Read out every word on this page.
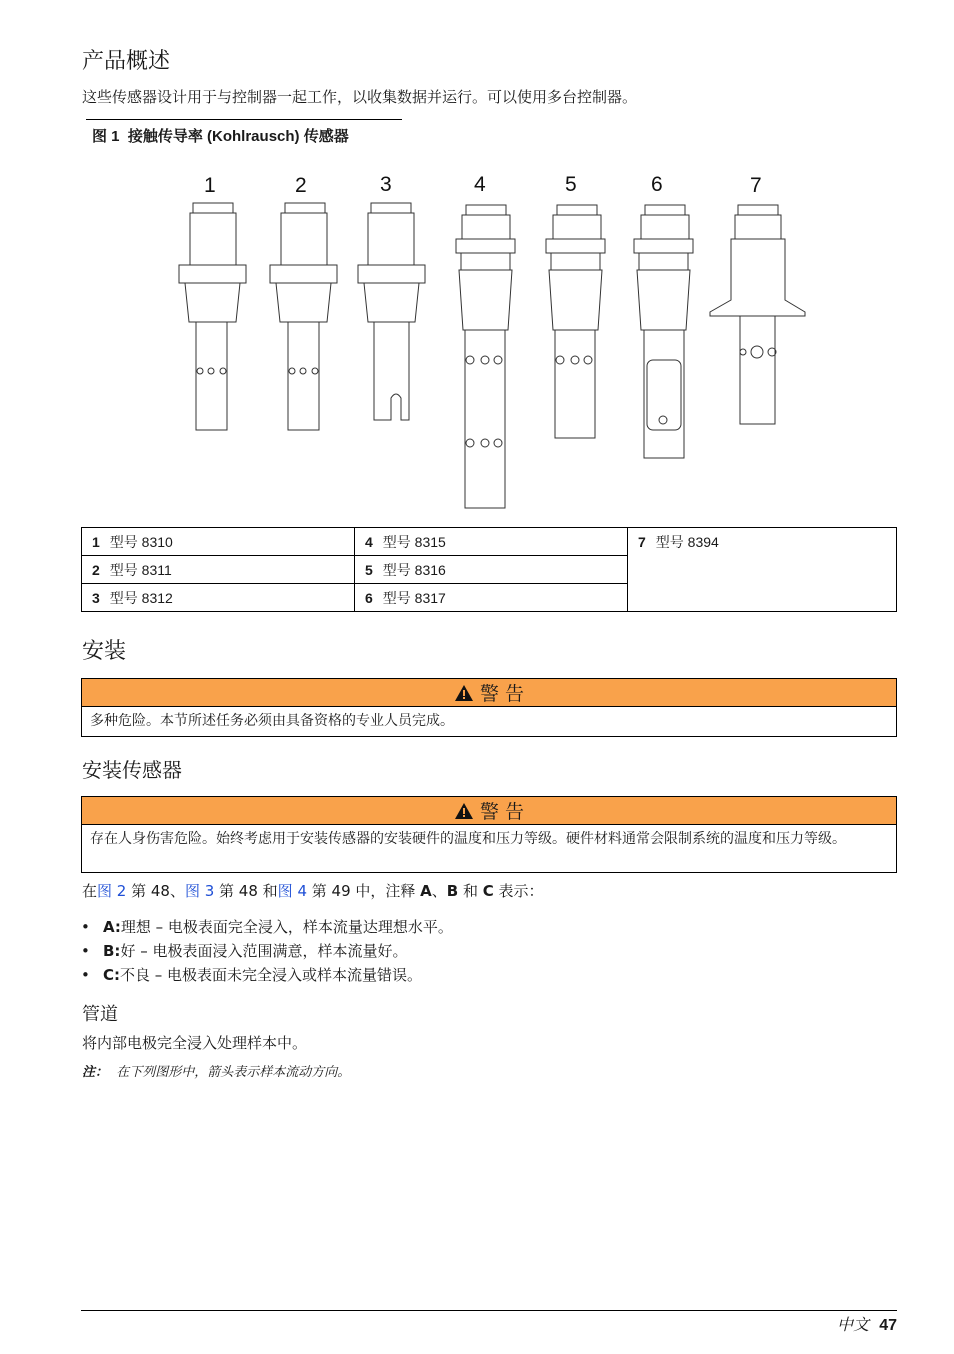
产品概述
这些传感器设计用于与控制器一起工作，以收集数据并运行。可以使用多台控制器。
图 1 接触传导率 (Kohlrausch) 传感器
1	2	3	4	5	6	7
1 型号 8310	4 型号 8315	7 型号 8394
2 型号 8311	5 型号 8316	
3 型号 8312	6 型号 8317	
安装
警 告
多种危险。本节所述任务必须由具备资格的专业人员完成。
安装传感器
警 告
存在人身伤害危险。始终考虑用于安装传感器的安装硬件的温度和压力等级。硬件材料通常会限制系统的温度和压力等级。
在图 2 第 48、图 3 第 48 和图 4 第 49 中，注释 A、B 和 C 表示：
• A:理想 – 电极表面完全浸入，样本流量达理想水平。
• B:好 – 电极表面浸入范围满意，样本流量好。
• C:不良 – 电极表面未完全浸入或样本流量错误。
管道
将内部电极完全浸入处理样本中。
注： 在下列图形中，箭头表示样本流动方向。
中文 47
